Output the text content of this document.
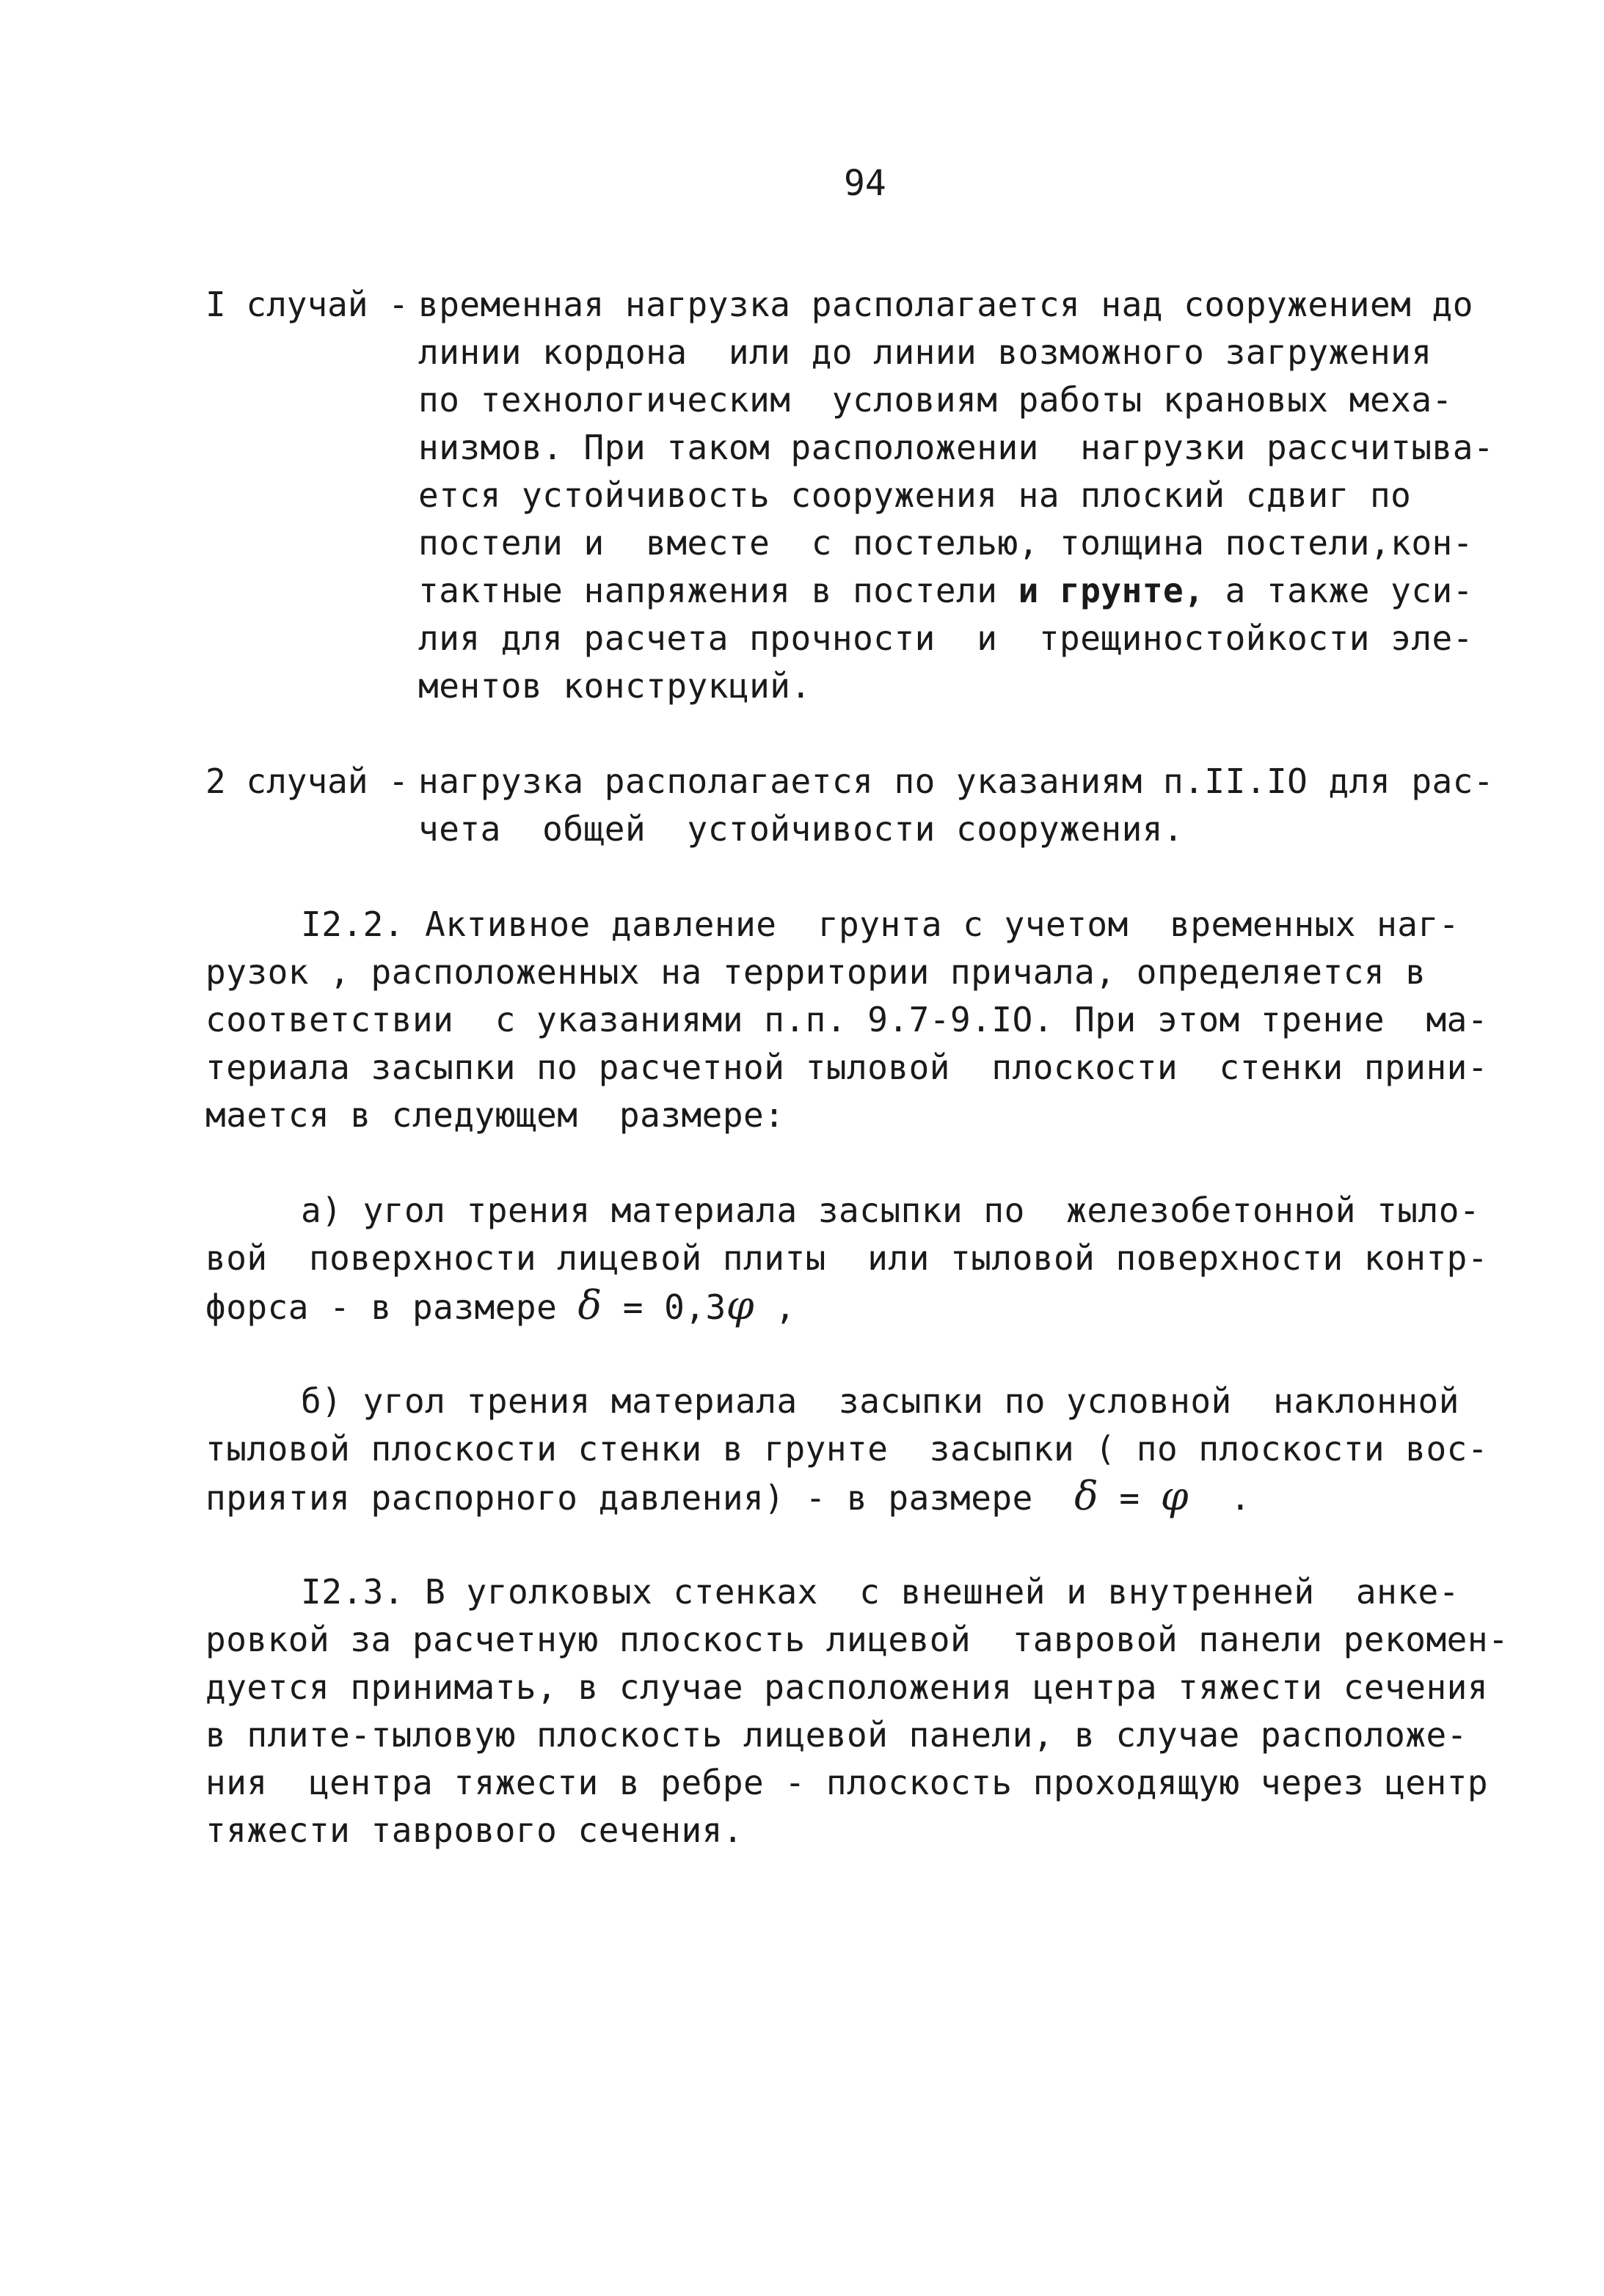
94
I случай - временная нагрузка располагается над сооружением до
линии кордона  или до линии возможного загружения
по технологическим  условиям работы крановых меха-
низмов. При таком расположении  нагрузки рассчитыва-
ется устойчивость сооружения на плоский сдвиг по
постели и  вместе  с постелью, толщина постели,кон-
тактные напряжения в постели и грунте, а также уси-
лия для расчета прочности  и  трещиностойкости эле-
ментов конструкций.
2 случай - нагрузка располагается по указаниям п.II.IO для рас-
чета  общей  устойчивости сооружения.
I2.2. Активное давление  грунта с учетом  временных наг-
рузок , расположенных на территории причала, определяется в
соответствии  с указаниями п.п. 9.7-9.IO. При этом трение  ма-
териала засыпки по расчетной тыловой  плоскости  стенки прини-
мается в следующем  размере:
а) угол трения материала засыпки по  железобетонной тыло-
вой  поверхности лицевой плиты  или тыловой поверхности контр-
форса - в размере δ = 0,3φ ,
б) угол трения материала  засыпки по условной  наклонной
тыловой плоскости стенки в грунте  засыпки ( по плоскости вос-
приятия распорного давления) - в размере  δ = φ  .
I2.3. В уголковых стенках  с внешней и внутренней  анке-
ровкой за расчетную плоскость лицевой  тавровой панели рекомен-
дуется принимать, в случае расположения центра тяжести сечения
в плите-тыловую плоскость лицевой панели, в случае расположе-
ния  центра тяжести в ребре - плоскость проходящую через центр
тяжести таврового сечения.
